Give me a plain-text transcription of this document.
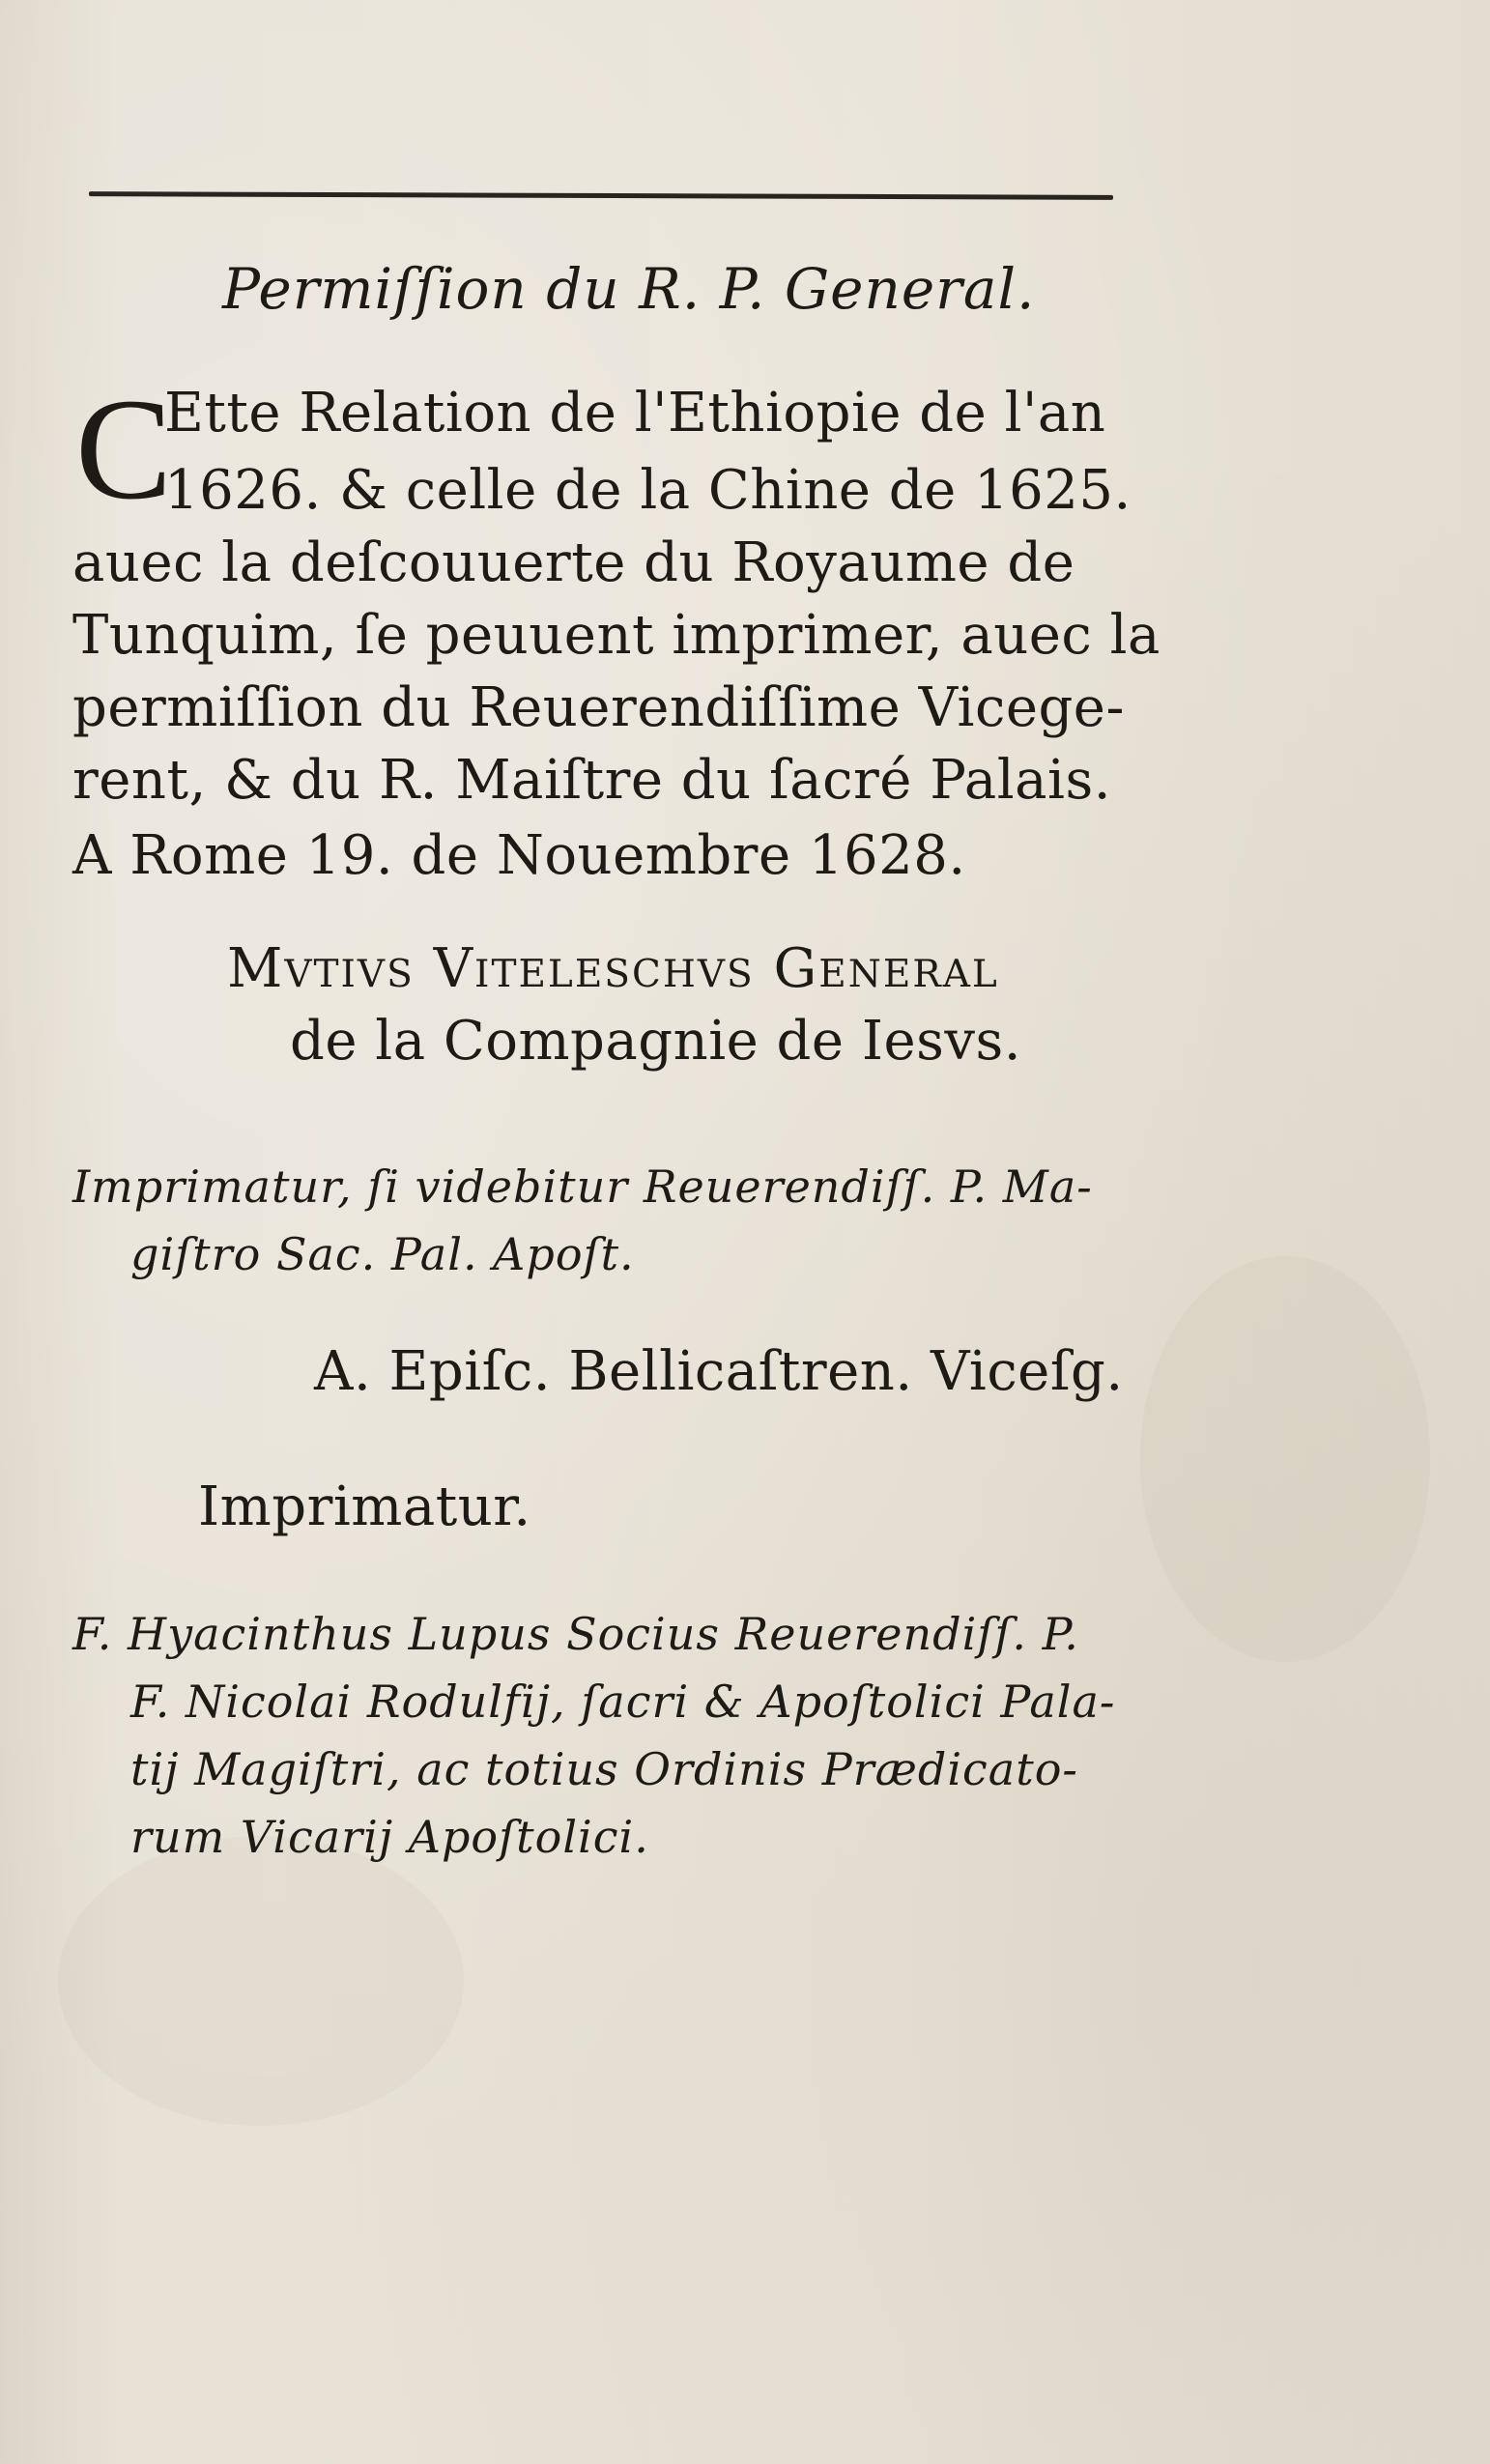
Permiſſion du R. P. General.
C
Ette Relation de l'Ethiopie de l'an
1626. & celle de la Chine de 1625.
auec la deſcouuerte du Royaume de
Tunquim, ſe peuuent imprimer, auec la
permiſſion du Reuerendiſſime Vicege-
rent, & du R. Maiſtre du ſacré Palais.
A Rome 19. de Nouembre 1628.
Mvtivs Viteleschvs General
de la Compagnie de Iesvs.
Imprimatur, ſi videbitur Reuerendiſſ. P. Ma-
giſtro Sac. Pal. Apoſt.
A. Epiſc. Bellicaſtren. Viceſg.
Imprimatur.
F. Hyacinthus Lupus Socius Reuerendiſſ. P.
F. Nicolai Rodulfij, ſacri & Apoſtolici Pala-
tij Magiſtri, ac totius Ordinis Prædicato-
rum Vicarij Apoſtolici.
